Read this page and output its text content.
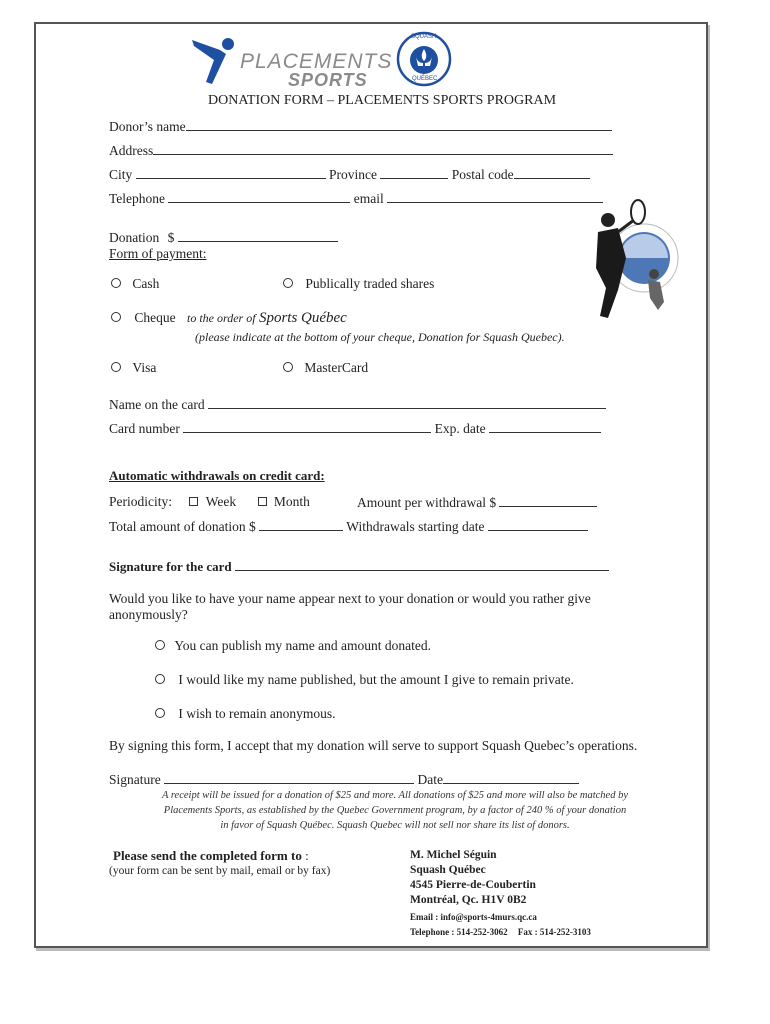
PLACEMENTS
SPORTS
SQUASH
QUÉBEC
DONATION FORM – PLACEMENTS SPORTS PROGRAM
Donor’s name
Address
City	Province	Postal code
Telephone	email
Donation $
Form of payment:
Cash	Publically traded shares
Cheque to the order of Sports Québec
(please indicate at the bottom of your cheque, Donation for Squash Quebec).
Visa	MasterCard
Name on the card
Card number	Exp. date
Automatic withdrawals on credit card:
Periodicity:	Week	Month	Amount per withdrawal $
Total amount of donation $	Withdrawals starting date
Signature for the card
Would you like to have your name appear next to your donation or would you rather give anonymously?
You can publish my name and amount donated.
I would like my name published, but the amount I give to remain private.
I wish to remain anonymous.
By signing this form, I accept that my donation will serve to support Squash Quebec’s operations.
Signature	Date
A receipt will be issued for a donation of $25 and more. All donations of $25 and more will also be matched by
Placements Sports, as established by the Quebec Government program, by a factor of 240 % of your donation
in favor of Squash Québec. Squash Quebec will not sell nor share its list of donors.
Please send the completed form to :
(your form can be sent by mail, email or by fax)
M. Michel Séguin
Squash Québec
4545 Pierre-de-Coubertin
Montréal, Qc. H1V 0B2
Email : info@sports-4murs.qc.ca
Telephone : 514-252-3062 Fax : 514-252-3103
